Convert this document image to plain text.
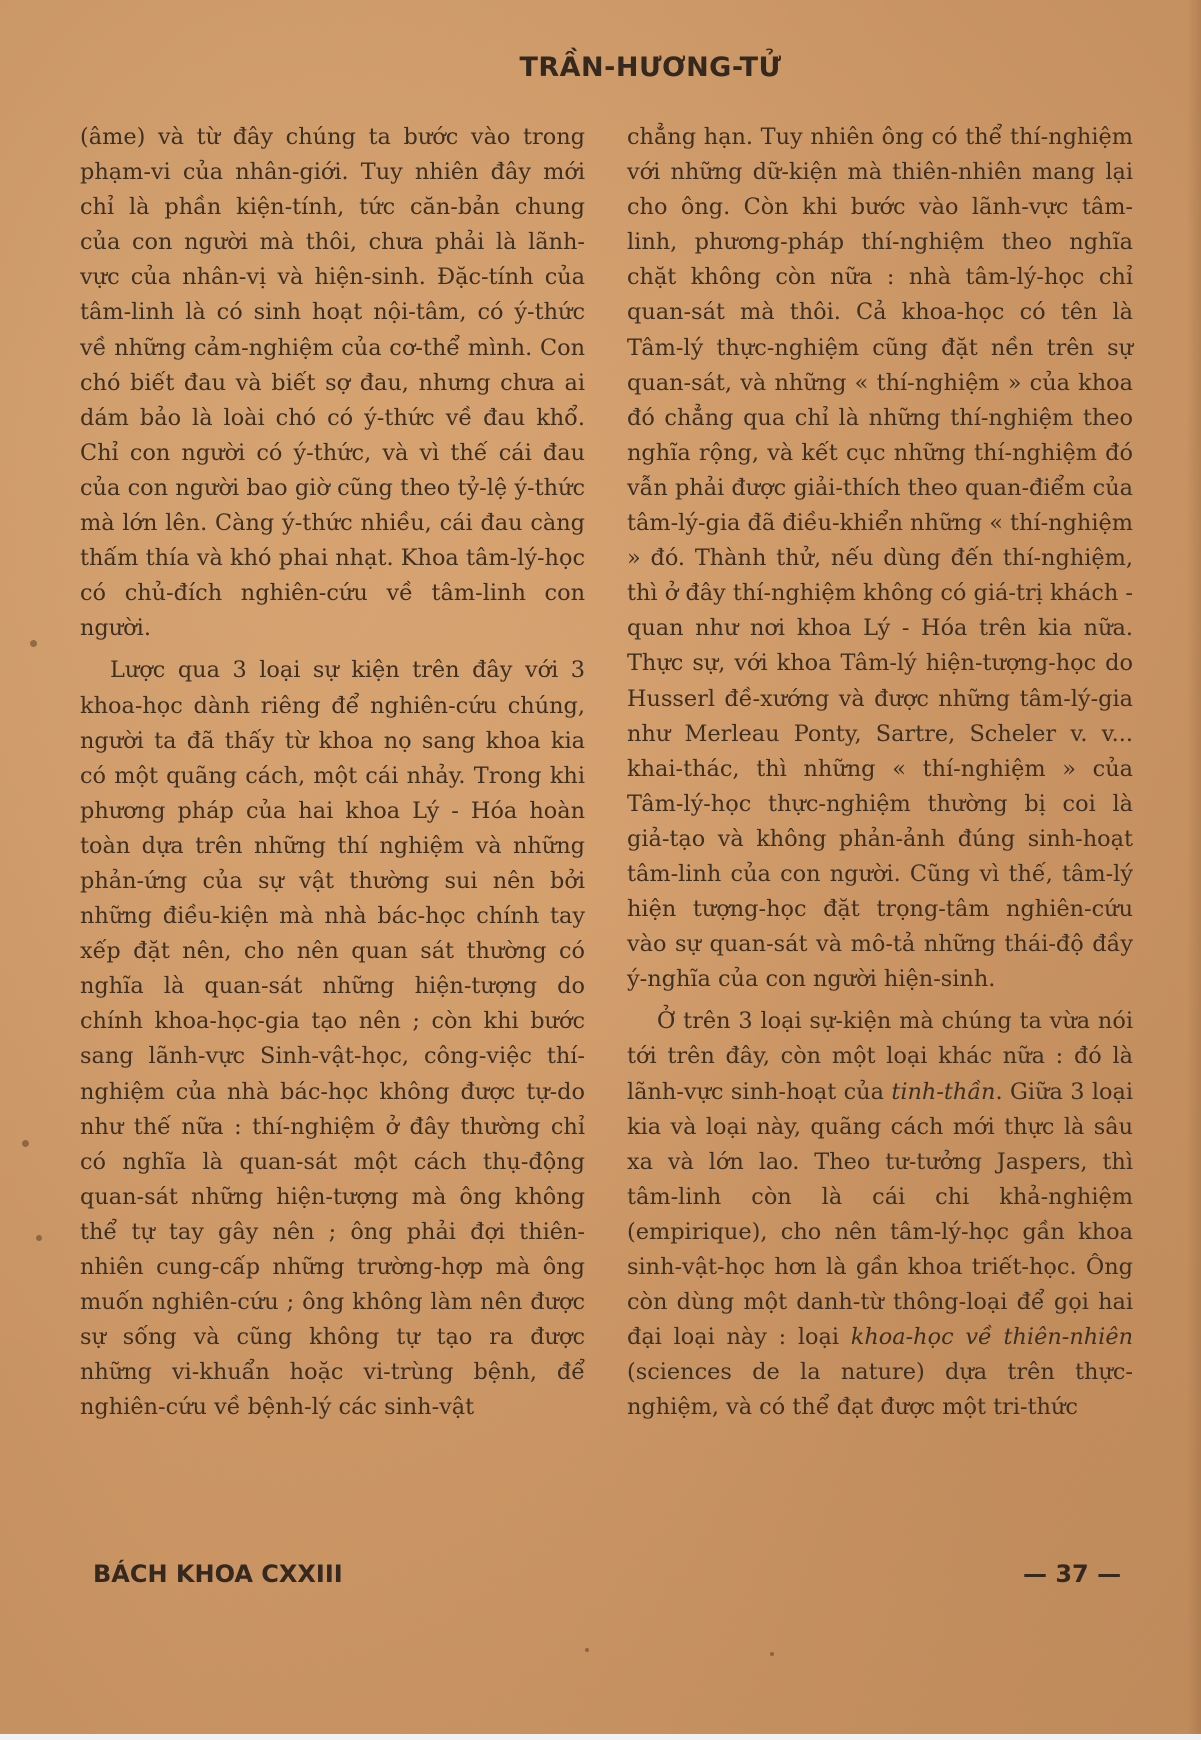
TRẦN-HƯƠNG-TỬ

(âme) và từ đây chúng ta bước vào trong phạm-vi của nhân-giới. Tuy nhiên đây mới chỉ là phần kiện-tính, tức căn-bản chung của con người mà thôi, chưa phải là lãnh-vực của nhân-vị và hiện-sinh. Đặc-tính của tâm-linh là có sinh hoạt nội-tâm, có ý-thức về những cảm-nghiệm của cơ-thể mình. Con chó biết đau và biết sợ đau, nhưng chưa ai dám bảo là loài chó có ý-thức về đau khổ. Chỉ con người có ý-thức, và vì thế cái đau của con người bao giờ cũng theo tỷ-lệ ý-thức mà lớn lên. Càng ý-thức nhiều, cái đau càng thấm thía và khó phai nhạt. Khoa tâm-lý-học có chủ-đích nghiên-cứu về tâm-linh con người.

Lược qua 3 loại sự kiện trên đây với 3 khoa-học dành riêng để nghiên-cứu chúng, người ta đã thấy từ khoa nọ sang khoa kia có một quãng cách, một cái nhảy. Trong khi phương pháp của hai khoa Lý - Hóa hoàn toàn dựa trên những thí nghiệm và những phản-ứng của sự vật thường sui nên bởi những điều-kiện mà nhà bác-học chính tay xếp đặt nên, cho nên quan sát thường có nghĩa là quan-sát những hiện-tượng do chính khoa-học-gia tạo nên ; còn khi bước sang lãnh-vực Sinh-vật-học, công-việc thí-nghiệm của nhà bác-học không được tự-do như thế nữa : thí-nghiệm ở đây thường chỉ có nghĩa là quan-sát một cách thụ-động quan-sát những hiện-tượng mà ông không thể tự tay gây nên ; ông phải đợi thiên-nhiên cung-cấp những trường-hợp mà ông muốn nghiên-cứu ; ông không làm nên được sự sống và cũng không tự tạo ra được những vi-khuẩn hoặc vi-trùng bệnh, để nghiên-cứu về bệnh-lý các sinh-vật

chẳng hạn. Tuy nhiên ông có thể thí-nghiệm với những dữ-kiện mà thiên-nhiên mang lại cho ông. Còn khi bước vào lãnh-vực tâm-linh, phương-pháp thí-nghiệm theo nghĩa chặt không còn nữa : nhà tâm-lý-học chỉ quan-sát mà thôi. Cả khoa-học có tên là Tâm-lý thực-nghiệm cũng đặt nền trên sự quan-sát, và những « thí-nghiệm » của khoa đó chẳng qua chỉ là những thí-nghiệm theo nghĩa rộng, và kết cục những thí-nghiệm đó vẫn phải được giải-thích theo quan-điểm của tâm-lý-gia đã điều-khiển những « thí-nghiệm » đó. Thành thử, nếu dùng đến thí-nghiệm, thì ở đây thí-nghiệm không có giá-trị khách - quan như nơi khoa Lý - Hóa trên kia nữa. Thực sự, với khoa Tâm-lý hiện-tượng-học do Husserl đề-xướng và được những tâm-lý-gia như Merleau Ponty, Sartre, Scheler v. v... khai-thác, thì những « thí-nghiệm » của Tâm-lý-học thực-nghiệm thường bị coi là giả-tạo và không phản-ảnh đúng sinh-hoạt tâm-linh của con người. Cũng vì thế, tâm-lý hiện tượng-học đặt trọng-tâm nghiên-cứu vào sự quan-sát và mô-tả những thái-độ đầy ý-nghĩa của con người hiện-sinh.

Ở trên 3 loại sự-kiện mà chúng ta vừa nói tới trên đây, còn một loại khác nữa : đó là lãnh-vực sinh-hoạt của tinh-thần. Giữa 3 loại kia và loại này, quãng cách mới thực là sâu xa và lớn lao. Theo tư-tưởng Jaspers, thì tâm-linh còn là cái chi khả-nghiệm (empirique), cho nên tâm-lý-học gần khoa sinh-vật-học hơn là gần khoa triết-học. Ông còn dùng một danh-từ thông-loại để gọi hai đại loại này : loại khoa-học về thiên-nhiên (sciences de la nature) dựa trên thực-nghiệm, và có thể đạt được một tri-thức

BÁCH KHOA CXXIII	— 37 —
